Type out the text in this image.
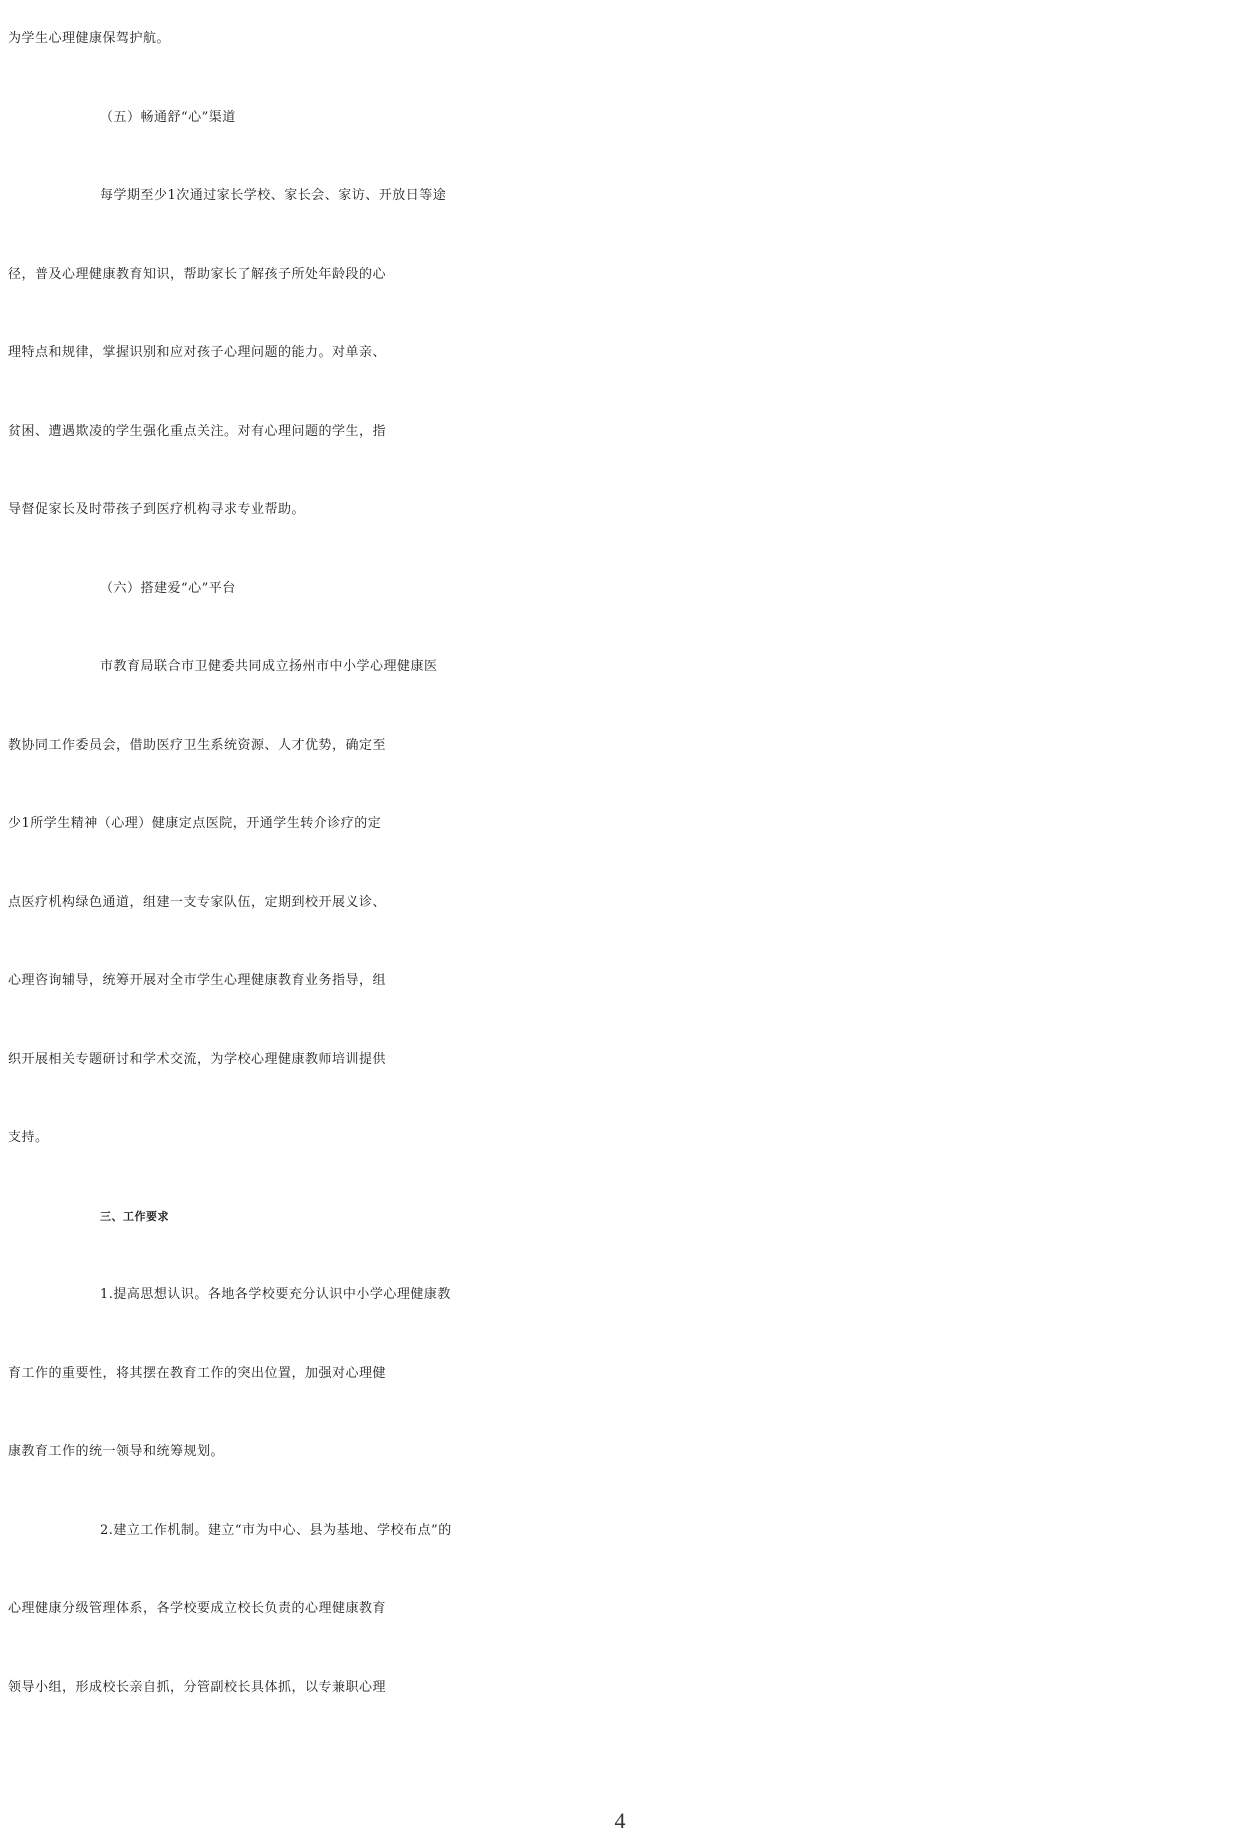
为学生心理健康保驾护航。
（五）畅通舒“心”渠道
每学期至少1次通过家长学校、家长会、家访、开放日等途
径，普及心理健康教育知识，帮助家长了解孩子所处年龄段的心
理特点和规律，掌握识别和应对孩子心理问题的能力。对单亲、
贫困、遭遇欺凌的学生强化重点关注。对有心理问题的学生，指
导督促家长及时带孩子到医疗机构寻求专业帮助。
（六）搭建爱“心”平台
市教育局联合市卫健委共同成立扬州市中小学心理健康医
教协同工作委员会，借助医疗卫生系统资源、人才优势，确定至
少1所学生精神（心理）健康定点医院，开通学生转介诊疗的定
点医疗机构绿色通道，组建一支专家队伍，定期到校开展义诊、
心理咨询辅导，统筹开展对全市学生心理健康教育业务指导，组
织开展相关专题研讨和学术交流，为学校心理健康教师培训提供
支持。
三、工作要求
1.提高思想认识。各地各学校要充分认识中小学心理健康教
育工作的重要性，将其摆在教育工作的突出位置，加强对心理健
康教育工作的统一领导和统筹规划。
2.建立工作机制。建立“市为中心、县为基地、学校布点”的
心理健康分级管理体系，各学校要成立校长负责的心理健康教育
领导小组，形成校长亲自抓，分管副校长具体抓，以专兼职心理
4
